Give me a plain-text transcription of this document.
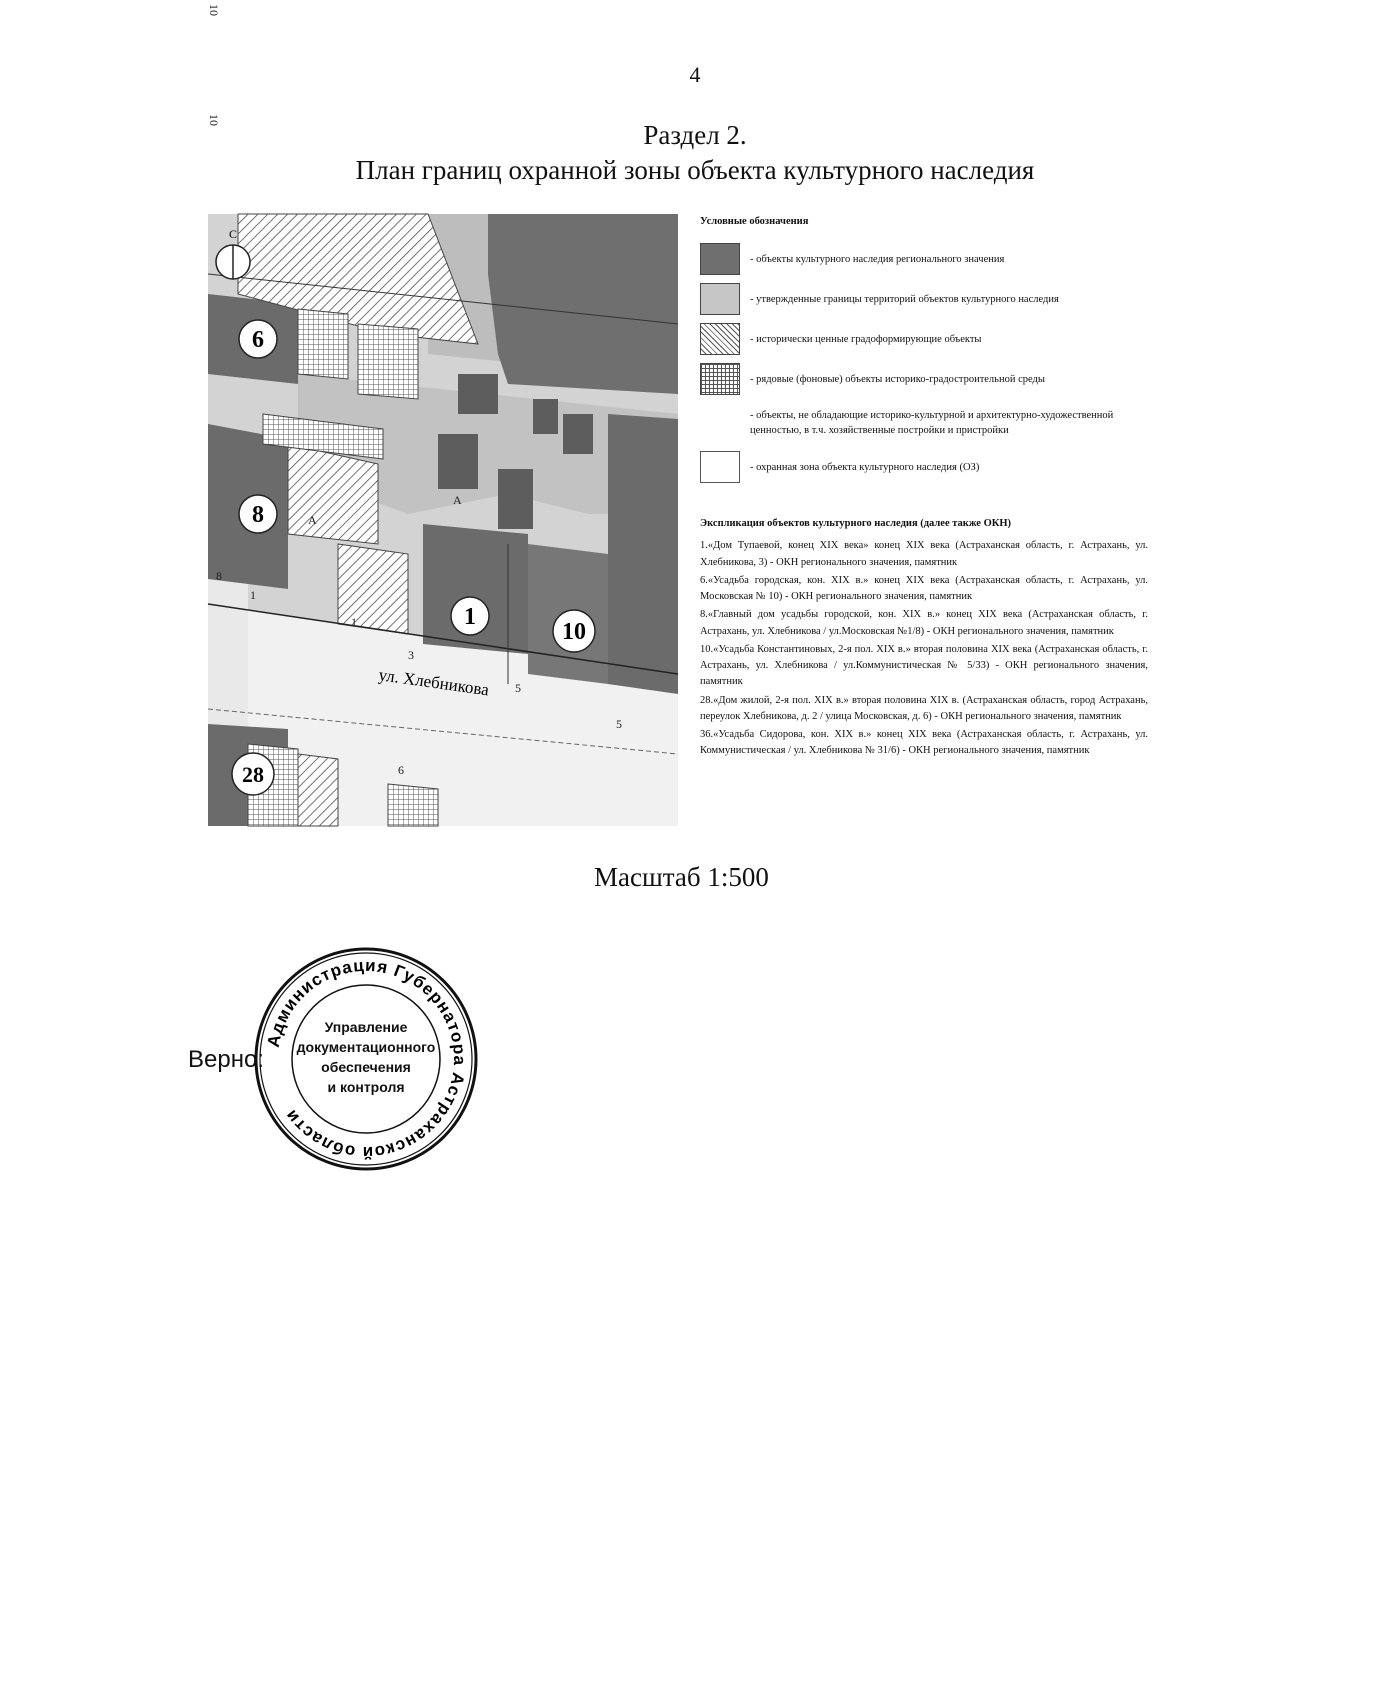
4
Раздел 2.
План границ охранной зоны объекта культурного наследия
С
ул. Хлебникова
6
8
1
10
28
10
10
8
1
3
1
5
5
A
A
6
Условные обозначения
- объекты культурного наследия регионального значения
- утвержденные границы территорий объектов культурного наследия
- исторически ценные градоформирующие объекты
- рядовые (фоновые) объекты историко-градостроительной среды
- объекты, не обладающие историко-культурной и архитектурно-художественной ценностью, в т.ч. хозяйственные постройки и пристройки
- охранная зона объекта культурного наследия (ОЗ)
Экспликация объектов культурного наследия (далее также ОКН)

1.«Дом Тупаевой, конец XIX века» конец XIX века (Астраханская область, г. Астрахань, ул. Хлебникова, 3) - ОКН регионального значения, памятник

6.«Усадьба городская, кон. XIX в.» конец XIX века (Астраханская область, г. Астрахань, ул. Московская № 10) - ОКН регионального значения, памятник

8.«Главный дом усадьбы городской, кон. XIX в.» конец XIX века (Астраханская область, г. Астрахань, ул. Хлебникова / ул.Московская №1/8) - ОКН регионального значения, памятник

10.«Усадьба Константиновых, 2-я пол. XIX в.» вторая половина XIX века (Астраханская область, г. Астрахань, ул. Хлебникова / ул.Коммунистическая № 5/33) - ОКН регионального значения, памятник

28.«Дом жилой, 2-я пол. XIX в.» вторая половина XIX в. (Астраханская область, город Астрахань, переулок Хлебникова, д. 2 / улица Московская, д. 6) - ОКН регионального значения, памятник

36.«Усадьба Сидорова, кон. XIX в.» конец XIX века (Астраханская область, г. Астрахань, ул. Коммунистическая / ул. Хлебникова № 31/6) - ОКН регионального значения, памятник

Масштаб 1:500
Верно:
Администрация Губернатора Астраханской области
Управление
документационного
обеспечения
и контроля
